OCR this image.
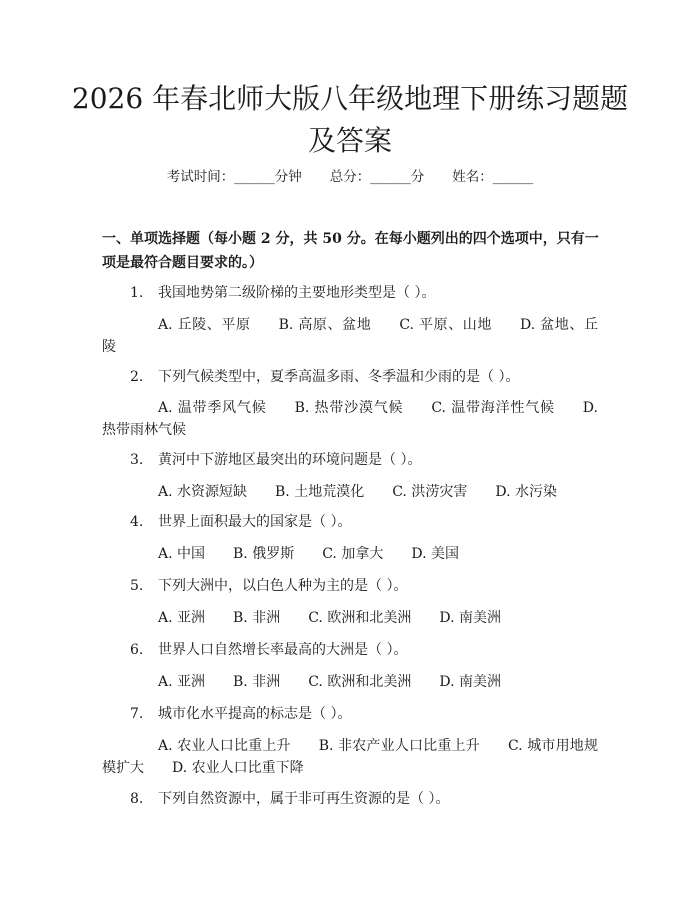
2026 年春北师大版八年级地理下册练习题题
及答案
考试时间：______分钟 总分：______分 姓名：______
一、单项选择题（每小题 2 分，共 50 分。在每小题列出的四个选项中，只有一项是最符合题目要求的。）
1. 我国地势第二级阶梯的主要地形类型是（ ）。
A. 丘陵、平原 B. 高原、盆地 C. 平原、山地 D. 盆地、丘陵
2. 下列气候类型中，夏季高温多雨、冬季温和少雨的是（ ）。
A. 温带季风气候 B. 热带沙漠气候 C. 温带海洋性气候 D. 热带雨林气候
3. 黄河中下游地区最突出的环境问题是（ ）。
A. 水资源短缺 B. 土地荒漠化 C. 洪涝灾害 D. 水污染
4. 世界上面积最大的国家是（ ）。
A. 中国 B. 俄罗斯 C. 加拿大 D. 美国
5. 下列大洲中，以白色人种为主的是（ ）。
A. 亚洲 B. 非洲 C. 欧洲和北美洲 D. 南美洲
6. 世界人口自然增长率最高的大洲是（ ）。
A. 亚洲 B. 非洲 C. 欧洲和北美洲 D. 南美洲
7. 城市化水平提高的标志是（ ）。
A. 农业人口比重上升 B. 非农产业人口比重上升 C. 城市用地规模扩大 D. 农业人口比重下降
8. 下列自然资源中，属于非可再生资源的是（ ）。
